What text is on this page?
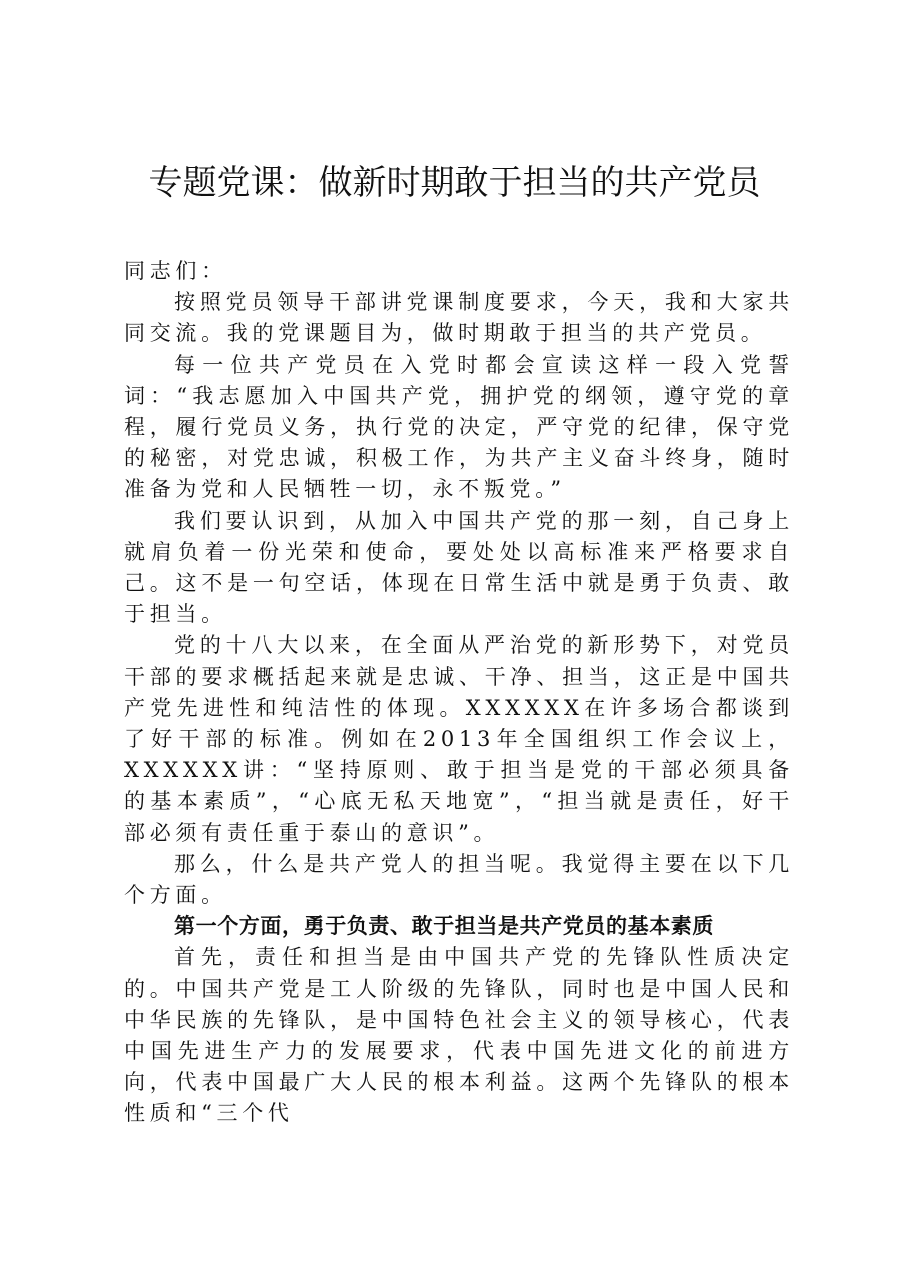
专题党课：做新时期敢于担当的共产党员

同志们：

按照党员领导干部讲党课制度要求，今天，我和大家共同交流。我的党课题目为，做时期敢于担当的共产党员。

每一位共产党员在入党时都会宣读这样一段入党誓词：“我志愿加入中国共产党，拥护党的纲领，遵守党的章程，履行党员义务，执行党的决定，严守党的纪律，保守党的秘密，对党忠诚，积极工作，为共产主义奋斗终身，随时准备为党和人民牺牲一切，永不叛党。”

我们要认识到，从加入中国共产党的那一刻，自己身上就肩负着一份光荣和使命，要处处以高标准来严格要求自己。这不是一句空话，体现在日常生活中就是勇于负责、敢于担当。

党的十八大以来，在全面从严治党的新形势下，对党员干部的要求概括起来就是忠诚、干净、担当，这正是中国共产党先进性和纯洁性的体现。XXXXXX在许多场合都谈到了好干部的标准。例如在2013年全国组织工作会议上，XXXXXX讲：“坚持原则、敢于担当是党的干部必须具备的基本素质”，“心底无私天地宽”，“担当就是责任，好干部必须有责任重于泰山的意识”。

那么，什么是共产党人的担当呢。我觉得主要在以下几个方面。

第一个方面，勇于负责、敢于担当是共产党员的基本素质

首先，责任和担当是由中国共产党的先锋队性质决定的。中国共产党是工人阶级的先锋队，同时也是中国人民和中华民族的先锋队，是中国特色社会主义的领导核心，代表中国先进生产力的发展要求，代表中国先进文化的前进方向，代表中国最广大人民的根本利益。这两个先锋队的根本性质和“三个代
